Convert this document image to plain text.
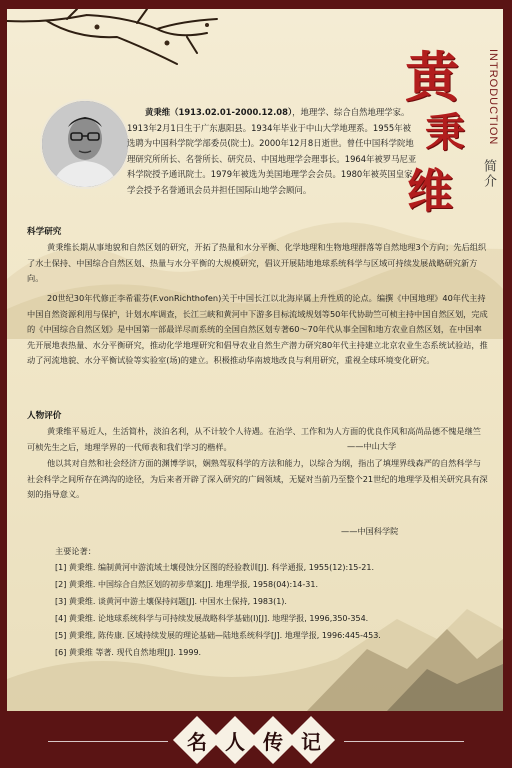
黄
秉
维
INTRODUCTION
简介

黄秉维（1913.02.01-2000.12.08），地理学、综合自然地理学家。1913年2月1日生于广东惠阳县。1934年毕业于中山大学地理系。1955年被选聘为中国科学院学部委员(院士)。2000年12月8日逝世。曾任中国科学院地理研究所所长、名誉所长、研究员、中国地理学会理事长。1964年被罗马尼亚科学院授予通讯院士。1979年被选为美国地理学会会员。1980年被英国皇家学会授予名誉通讯会员并担任国际山地学会顾问。

科学研究

黄秉维长期从事地貌和自然区划的研究，开拓了热量和水分平衡、化学地理和生物地理群落等自然地理3个方向；先后组织了水土保持、中国综合自然区划、热量与水分平衡的大规模研究，倡议开展陆地地球系统科学与区域可持续发展战略研究新方向。

20世纪30年代修正李希霍芬(F.vonRichthofen)关于中国长江以北海岸属上升性质的论点。编撰《中国地理》40年代主持中国自然资源利用与保护，计划水库调查，长江三峡和黄河中下游多目标流域规划等50年代协助竺可桢主持中国自然区划，完成的《中国综合自然区划》是中国第一部最详尽而系统的全国自然区划专著60～70年代从事全国和地方农业自然区划，在中国率先开展地表热量、水分平衡研究，推动化学地理研究和倡导农业自然生产潜力研究80年代主持建立北京农业生态系统试验站，推动了河流地貌、水分平衡试验等实验室(场)的建立。积极推动华南坡地改良与利用研究，重视全球环境变化研究。

人物评价

黄秉维平易近人，生活简朴，淡泊名利，从不计较个人待遇。在治学、工作和为人方面的优良作风和高尚品德不愧是继竺可桢先生之后，地理学界的一代师表和我们学习的楷样。	——中山大学

他以其对自然和社会经济方面的渊博学识，娴熟驾驭科学的方法和能力，以综合为纲，指出了填埋界线森严的自然科学与社会科学之间所存在鸿沟的途径，为后来者开辟了深入研究的广阔领域，无疑对当前乃至整个21世纪的地理学及相关研究具有深刻的指导意义。

——中国科学院
主要论著：
[1] 黄秉维. 编制黄河中游流域土壤侵蚀分区图的经验教训[J]. 科学通报, 1955(12):15-21.
[2] 黄秉维. 中国综合自然区划的初步草案[J]. 地理学报, 1958(04):14-31.
[3] 黄秉维. 谈黄河中游土壤保持问题[J]. 中国水土保持, 1983(1).
[4] 黄秉维. 论地球系统科学与可持续发展战略科学基础(Ⅰ)[J]. 地理学报, 1996,350-354.
[5] 黄秉维, 陈传康. 区域持续发展的理论基础—陆地系统科学[J]. 地理学报, 1996:445-453.
[6] 黄秉维 等著. 现代自然地理[J]. 1999.
名 人 传 记
